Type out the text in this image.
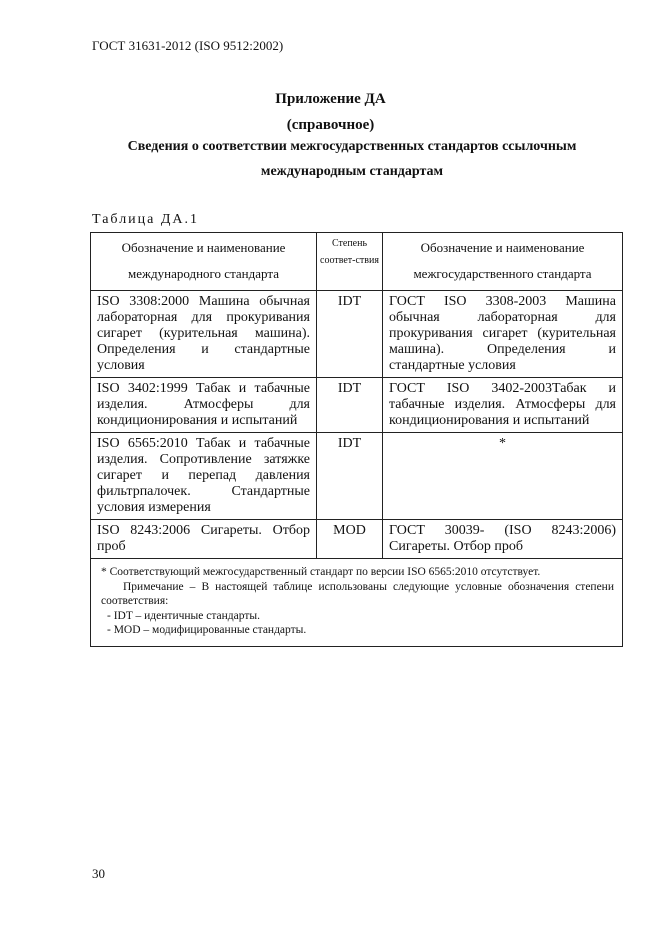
ГОСТ 31631-2012 (ISO 9512:2002)
Приложение ДА
(справочное)
Сведения о соответствии межгосударственных стандартов ссылочным международным стандартам
Таблица ДА.1
Обозначение и наименование международного стандарта	Степень соответ-ствия	Обозначение и наименование межгосударственного стандарта
ISO 3308:2000 Машина обычная лабораторная для прокуривания сигарет (курительная машина). Определения и стандартные условия	IDT	ГОСТ ISO 3308-2003 Машина обычная лабораторная для прокуривания сигарет (курительная машина). Определения и стандартные условия
ISO 3402:1999 Табак и табачные изделия. Атмосферы для кондиционирования и испытаний	IDT	ГОСТ ISO 3402-2003Табак и табачные изделия. Атмосферы для кондиционирования и испытаний
ISO 6565:2010 Табак и табачные изделия. Сопротивление затяжке сигарет и перепад давления фильтрпалочек. Стандартные условия измерения	IDT	*
ISO 8243:2006 Сигареты. Отбор проб	MOD	ГОСТ 30039- (ISO 8243:2006) Сигареты. Отбор проб

* Соответствующий межгосударственный стандарт по версии ISO 6565:2010 отсутствует.

Примечание – В настоящей таблице использованы следующие условные обозначения степени соответствия:

- IDT – идентичные стандарты.

- MOD – модифицированные стандарты.		

30
